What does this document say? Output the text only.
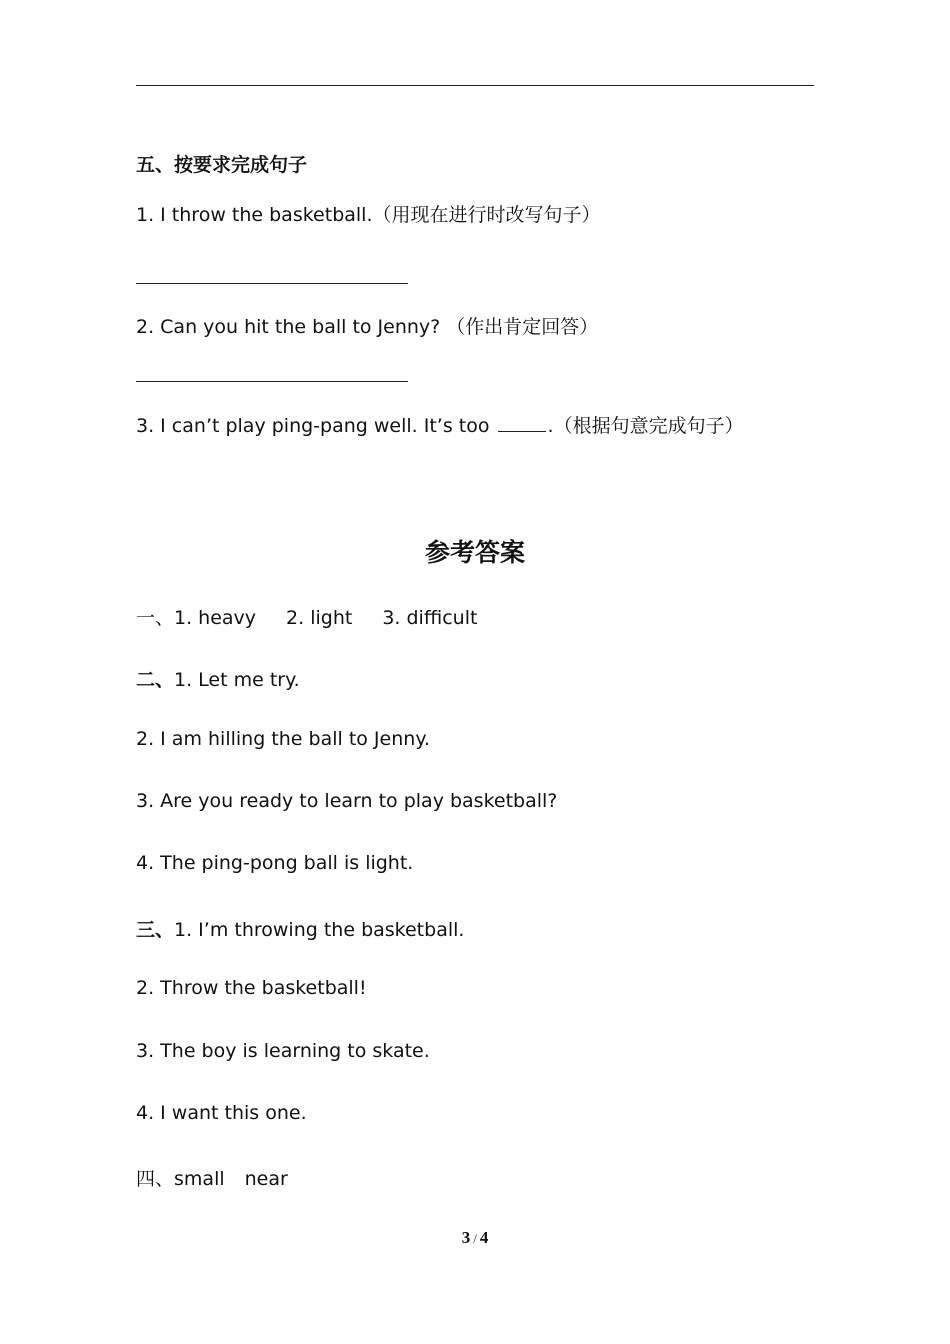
五、按要求完成句子
1. I throw the basketball.（用现在进行时改写句子）
2. Can you hit the ball to Jenny? （作出肯定回答）
3. I can’t play ping-pang well. It’s too	.（根据句意完成句子）
参考答案
一、1. heavy 2. light 3. difficult
二、1. Let me try.
2. I am hilling the ball to Jenny.
3. Are you ready to learn to play basketball?
4. The ping-pong ball is light.
三、1. I’m throwing the basketball.
2. Throw the basketball!
3. The boy is learning to skate.
4. I want this one.
四、small near
3 / 4
